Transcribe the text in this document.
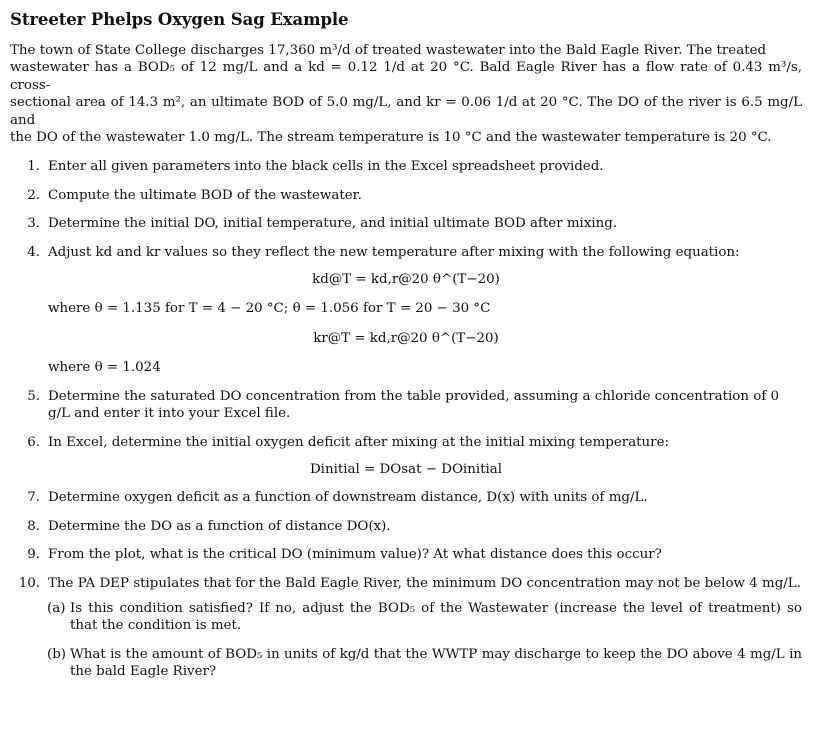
Streeter Phelps Oxygen Sag Example
The town of State College discharges 17,360 m³/d of treated wastewater into the Bald Eagle River. The treated
wastewater has a BOD₅ of 12 mg/L and a kd = 0.12 1/d at 20 °C. Bald Eagle River has a flow rate of 0.43 m³/s, cross-
sectional area of 14.3 m², an ultimate BOD of 5.0 mg/L, and kr = 0.06 1/d at 20 °C. The DO of the river is 6.5 mg/L and
the DO of the wastewater 1.0 mg/L. The stream temperature is 10 °C and the wastewater temperature is 20 °C.
1. Enter all given parameters into the black cells in the Excel spreadsheet provided.
2. Compute the ultimate BOD of the wastewater.
3. Determine the initial DO, initial temperature, and initial ultimate BOD after mixing.
4. Adjust kd and kr values so they reflect the new temperature after mixing with the following equation:
kd@T = kd,r@20 θ^(T−20)
where θ = 1.135 for T = 4 − 20 °C; θ = 1.056 for T = 20 − 30 °C
kr@T = kd,r@20 θ^(T−20)
where θ = 1.024
5. Determine the saturated DO concentration from the table provided, assuming a chloride concentration of 0 g/L and enter it into your Excel file.
6. In Excel, determine the initial oxygen deficit after mixing at the initial mixing temperature:
Dinitial = DOsat − DOinitial
7. Determine oxygen deficit as a function of downstream distance, D(x) with units of mg/L.
8. Determine the DO as a function of distance DO(x).
9. From the plot, what is the critical DO (minimum value)? At what distance does this occur?
10. The PA DEP stipulates that for the Bald Eagle River, the minimum DO concentration may not be below 4 mg/L.
(a) Is this condition satisfied? If no, adjust the BOD₅ of the Wastewater (increase the level of treatment) so that the condition is met.
(b) What is the amount of BOD₅ in units of kg/d that the WWTP may discharge to keep the DO above 4 mg/L in the bald Eagle River?
